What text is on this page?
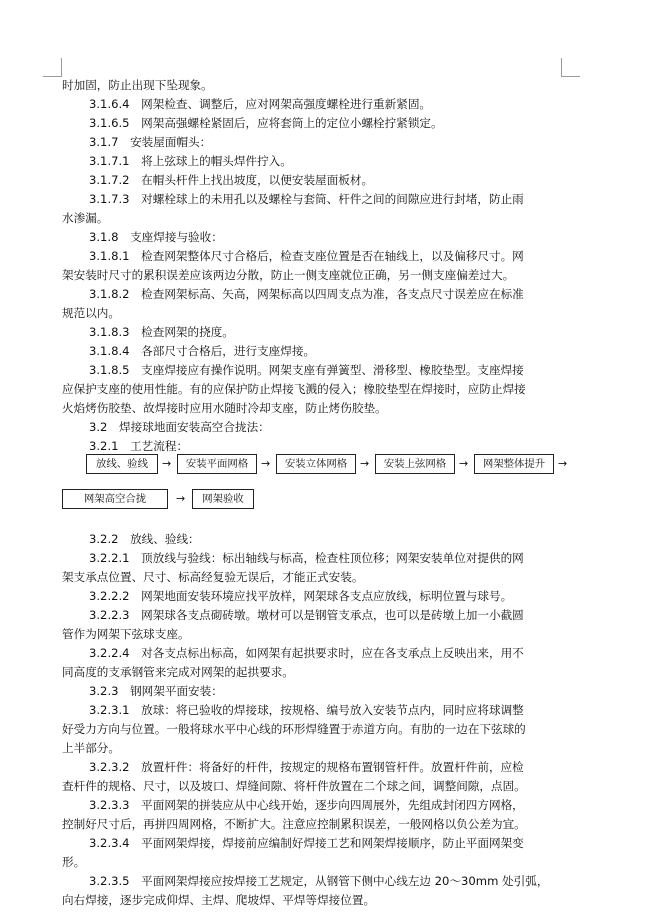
时加固，防止出现下坠现象。
3.1.6.4　网架检查、调整后，应对网架高强度螺栓进行重新紧固。
3.1.6.5　网架高强螺栓紧固后，应将套筒上的定位小螺栓拧紧锁定。
3.1.7　安装屋面帽头：
3.1.7.1　将上弦球上的帽头焊件拧入。
3.1.7.2　在帽头杆件上找出坡度，以便安装屋面板材。
3.1.7.3　对螺栓球上的未用孔以及螺栓与套筒、杆件之间的间隙应进行封堵，防止雨
水渗漏。
3.1.8　支座焊接与验收：
3.1.8.1　检查网架整体尺寸合格后，检查支座位置是否在轴线上，以及偏移尺寸。网
架安装时尺寸的累积误差应该两边分散，防止一侧支座就位正确，另一侧支座偏差过大。
3.1.8.2　检查网架标高、矢高，网架标高以四周支点为准，各支点尺寸误差应在标准
规范以内。
3.1.8.3　检查网架的挠度。
3.1.8.4　各部尺寸合格后，进行支座焊接。
3.1.8.5　支座焊接应有操作说明。网架支座有弹簧型、滑移型、橡胶垫型。支座焊接
应保护支座的使用性能。有的应保护防止焊接飞溅的侵入；橡胶垫型在焊接时，应防止焊接
火焰烤伤胶垫、故焊接时应用水随时冷却支座，防止烤伤胶垫。
3.2　焊接球地面安装高空合拢法：
3.2.1　工艺流程：
放线、验线	→	安装平面网格	→	安装立体网格	→	安装上弦网格	→	网架整体提升	→
网架高空合拢	→	网架验收
3.2.2　放线、验线：
3.2.2.1　顶放线与验线：标出轴线与标高，检查柱顶位移；网架安装单位对提供的网
架支承点位置、尺寸、标高经复验无误后，才能正式安装。
3.2.2.2　网架地面安装环境应找平放样，网架球各支点应放线，标明位置与球号。
3.2.2.3　网架球各支点砌砖墩。墩材可以是钢管支承点，也可以是砖墩上加一小截圆
管作为网架下弦球支座。
3.2.2.4　对各支点标出标高，如网架有起拱要求时，应在各支承点上反映出来，用不
同高度的支承钢管来完成对网架的起拱要求。
3.2.3　钢网架平面安装：
3.2.3.1　放球：将已验收的焊接球，按规格、编号放入安装节点内，同时应将球调整
好受力方向与位置。一般将球水平中心线的环形焊缝置于赤道方向。有肋的一边在下弦球的
上半部分。
3.2.3.2　放置杆件：将备好的杆件，按规定的规格布置钢管杆件。放置杆件前，应检
查杆件的规格、尺寸，以及坡口、焊缝间隙、将杆件放置在二个球之间，调整间隙，点固。
3.2.3.3　平面网架的拼装应从中心线开始，逐步向四周展外，先组成封闭四方网格，
控制好尺寸后，再拼四周网格，不断扩大。注意应控制累积误差，一般网格以负公差为宜。
3.2.3.4　平面网架焊接，焊接前应编制好焊接工艺和网架焊接顺序，防止平面网架变
形。
3.2.3.5　平面网架焊接应按焊接工艺规定，从钢管下侧中心线左边 20～30mm 处引弧，
向右焊接，逐步完成仰焊、主焊、爬坡焊、平焊等焊接位置。
